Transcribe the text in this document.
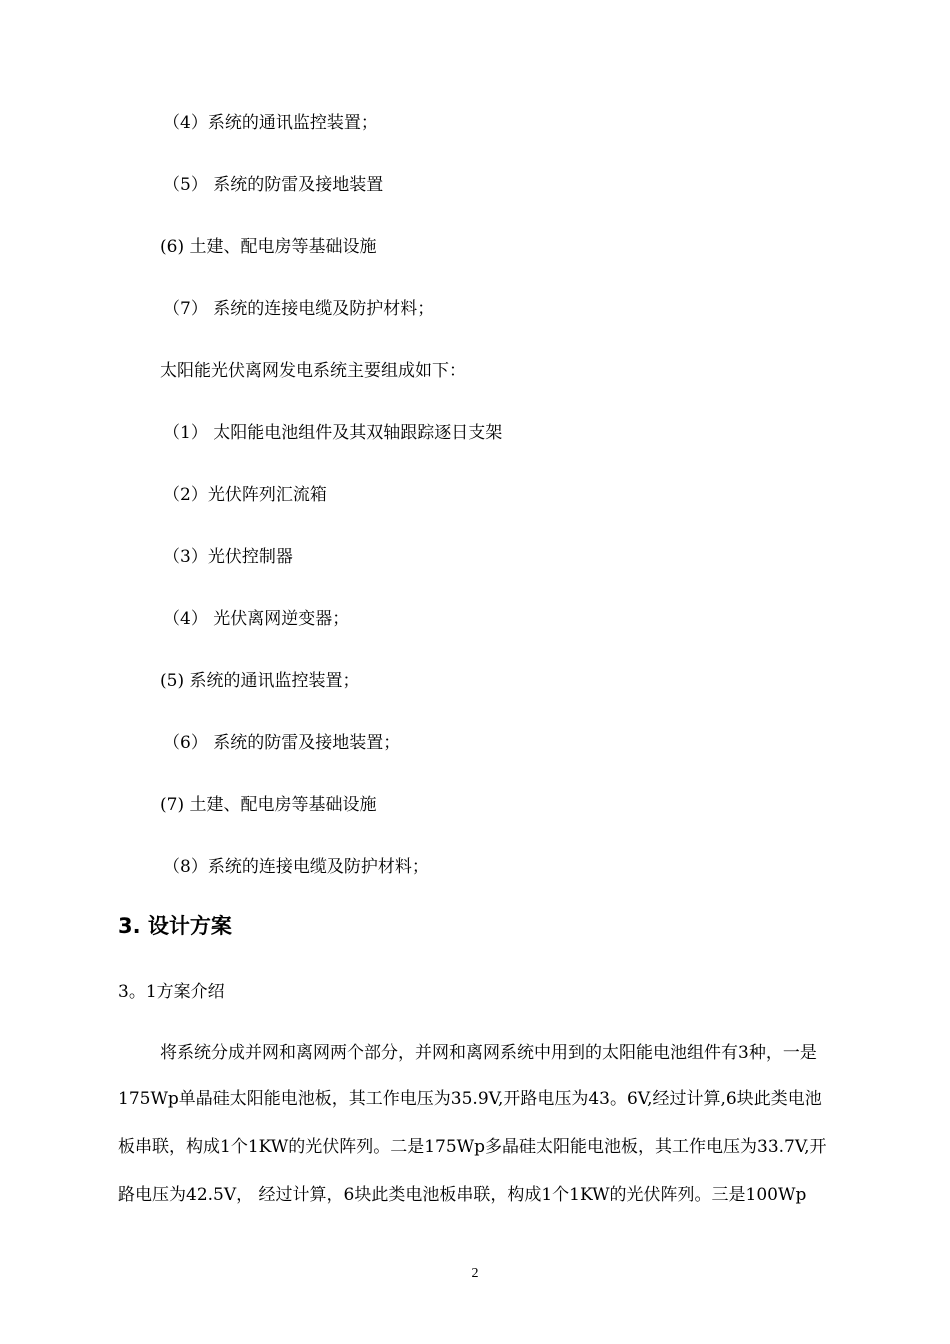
（4）系统的通讯监控装置；
（5） 系统的防雷及接地装置
(6) 土建、配电房等基础设施
（7） 系统的连接电缆及防护材料；
太阳能光伏离网发电系统主要组成如下：
（1） 太阳能电池组件及其双轴跟踪逐日支架
（2）光伏阵列汇流箱
（3）光伏控制器
（4） 光伏离网逆变器；
(5) 系统的通讯监控装置；
（6） 系统的防雷及接地装置；
(7) 土建、配电房等基础设施
（8）系统的连接电缆及防护材料；
3. 设计方案
3。1方案介绍
将系统分成并网和离网两个部分，并网和离网系统中用到的太阳能电池组件有3种，一是
175Wp单晶硅太阳能电池板，其工作电压为35.9V,开路电压为43。6V,经过计算,6块此类电池
板串联，构成1个1KW的光伏阵列。二是175Wp多晶硅太阳能电池板，其工作电压为33.7V,开
路电压为42.5V， 经过计算，6块此类电池板串联，构成1个1KW的光伏阵列。三是100Wp
2
